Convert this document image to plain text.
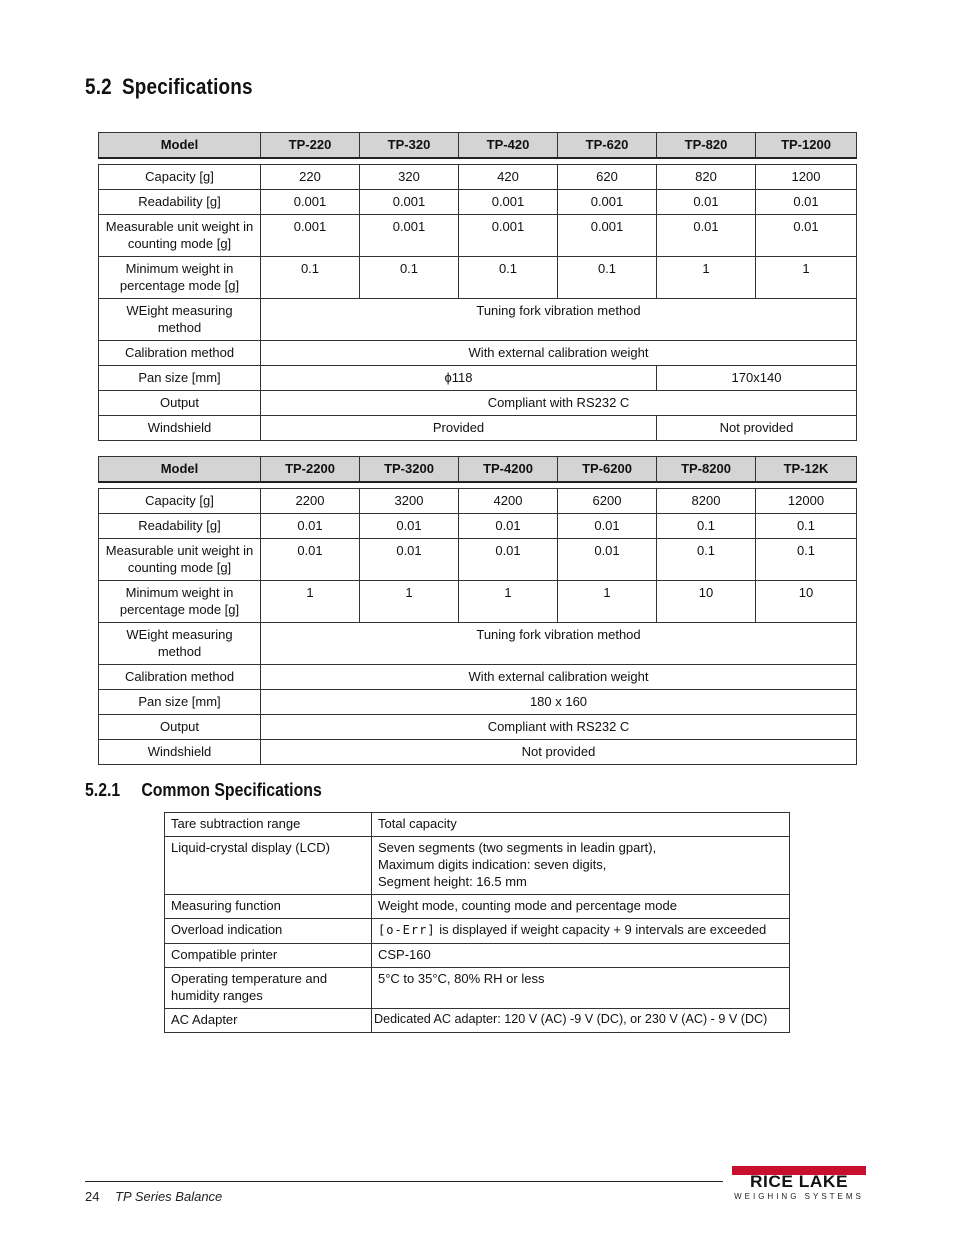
5.2 Specifications
Model	TP-220	TP-320	TP-420	TP-620	TP-820	TP-1200

Capacity [g]	220	320	420	620	820	1200
Readability [g]	0.001	0.001	0.001	0.001	0.01	0.01
Measurable unit weight in counting mode [g]	0.001	0.001	0.001	0.001	0.01	0.01
Minimum weight in percentage mode [g]	0.1	0.1	0.1	0.1	1	1
WEight measuring method	Tuning fork vibration method					
Calibration method	With external calibration weight					
Pan size [mm]	ϕ118				170x140	
Output	Compliant with RS232 C					
Windshield	Provided				Not provided	
Model	TP-2200	TP-3200	TP-4200	TP-6200	TP-8200	TP-12K

Capacity [g]	2200	3200	4200	6200	8200	12000
Readability [g]	0.01	0.01	0.01	0.01	0.1	0.1
Measurable unit weight in counting mode [g]	0.01	0.01	0.01	0.01	0.1	0.1
Minimum weight in percentage mode [g]	1	1	1	1	10	10
WEight measuring method	Tuning fork vibration method					
Calibration method	With external calibration weight					
Pan size [mm]	180 x 160					
Output	Compliant with RS232 C					
Windshield	Not provided					
5.2.1 Common Specifications
Tare subtraction range	Total capacity
Liquid-crystal display (LCD)	Seven segments (two segments in leadin gpart),
Maximum digits indication: seven digits,
Segment height: 16.5 mm

Measuring function	Weight mode, counting mode and percentage mode
Overload indication	[o-Err] is displayed if weight capacity + 9 intervals are exceeded
Compatible printer	CSP-160
Operating temperature and humidity ranges	5°C to 35°C, 80% RH or less
AC Adapter	Dedicated AC adapter: 120 V (AC) -9 V (DC), or 230 V (AC) - 9 V (DC)
24 TP Series Balance
RICE LAKE
WEIGHING SYSTEMS
